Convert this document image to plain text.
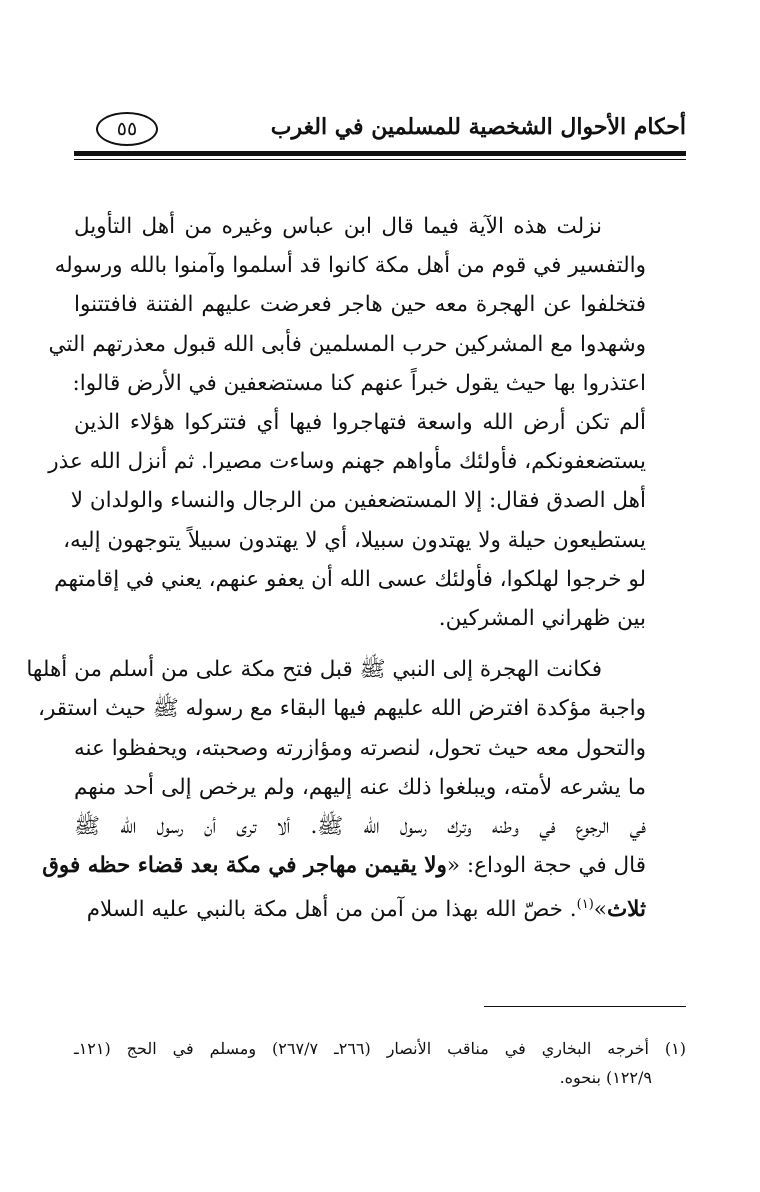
أحكام الأحوال الشخصية للمسلمين في الغرب
٥٥
نزلت هذه الآية فيما قال ابن عباس وغيره من أهل التأويل
والتفسير في قوم من أهل مكة كانوا قد أسلموا وآمنوا بالله ورسوله
فتخلفوا عن الهجرة معه حين هاجر فعرضت عليهم الفتنة فافتتنوا
وشهدوا مع المشركين حرب المسلمين فأبى الله قبول معذرتهم التي
اعتذروا بها حيث يقول خبراً عنهم كنا مستضعفين في الأرض قالوا:
ألم تكن أرض الله واسعة فتهاجروا فيها أي فتتركوا هؤلاء الذين
يستضعفونكم، فأولئك مأواهم جهنم وساءت مصيرا. ثم أنزل الله عذر
أهل الصدق فقال: إلا المستضعفين من الرجال والنساء والولدان لا
يستطيعون حيلة ولا يهتدون سبيلا، أي لا يهتدون سبيلاً يتوجهون إليه،
لو خرجوا لهلكوا، فأولئك عسى الله أن يعفو عنهم، يعني في إقامتهم
بين ظهراني المشركين.
فكانت الهجرة إلى النبي ﷺ قبل فتح مكة على من أسلم من أهلها
واجبة مؤكدة افترض الله عليهم فيها البقاء مع رسوله ﷺ حيث استقر،
والتحول معه حيث تحول، لنصرته ومؤازرته وصحبته، ويحفظوا عنه
ما يشرعه لأمته، ويبلغوا ذلك عنه إليهم، ولم يرخص إلى أحد منهم
في الرجوع في وطنه وترك رسول الله ﷺ. ألا ترى أن رسول الله ﷺ
قال في حجة الوداع: «ولا يقيمن مهاجر في مكة بعد قضاء حظه فوق
ثلاث»$^{(١)}$. خصّ الله بهذا من آمن من أهل مكة بالنبي عليه السلام
(١) أخرجه البخاري في مناقب الأنصار (٢٦٦ـ ٢٦٧/٧) ومسلم في الحج (١٢١ـ
١٢٢/٩) بنحوه.
